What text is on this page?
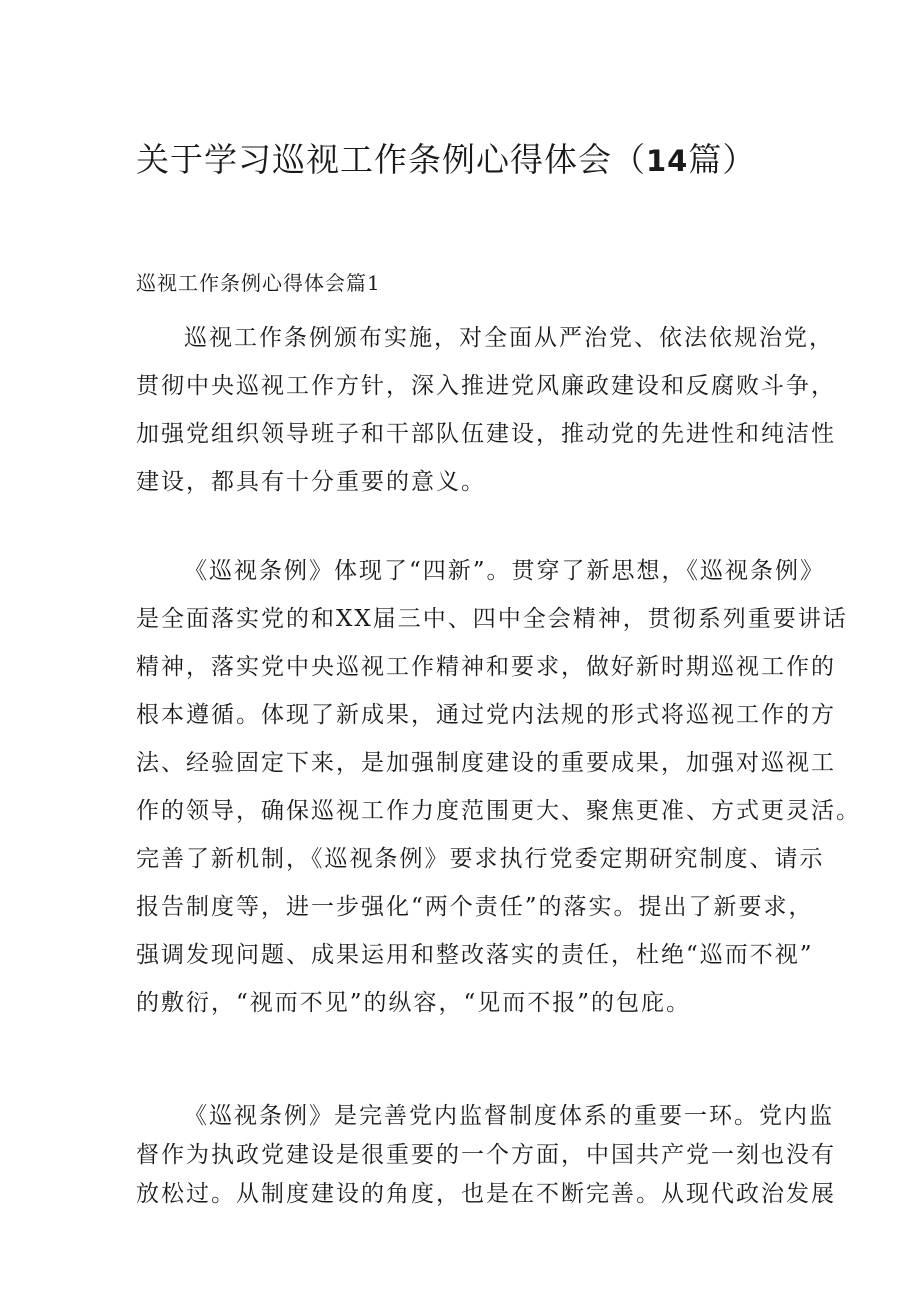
关于学习巡视工作条例心得体会（14篇）
巡视工作条例心得体会篇1
巡视工作条例颁布实施，对全面从严治党、依法依规治党，
贯彻中央巡视工作方针，深入推进党风廉政建设和反腐败斗争，
加强党组织领导班子和干部队伍建设，推动党的先进性和纯洁性
建设，都具有十分重要的意义。
《巡视条例》体现了“四新”。贯穿了新思想，《巡视条例》
是全面落实党的和XX届三中、四中全会精神，贯彻系列重要讲话
精神，落实党中央巡视工作精神和要求，做好新时期巡视工作的
根本遵循。体现了新成果，通过党内法规的形式将巡视工作的方
法、经验固定下来，是加强制度建设的重要成果，加强对巡视工
作的领导，确保巡视工作力度范围更大、聚焦更准、方式更灵活。
完善了新机制，《巡视条例》要求执行党委定期研究制度、请示
报告制度等，进一步强化“两个责任”的落实。提出了新要求，
强调发现问题、成果运用和整改落实的责任，杜绝“巡而不视”
的敷衍，“视而不见”的纵容，“见而不报”的包庇。
《巡视条例》是完善党内监督制度体系的重要一环。党内监
督作为执政党建设是很重要的一个方面，中国共产党一刻也没有
放松过。从制度建设的角度，也是在不断完善。从现代政治发展
